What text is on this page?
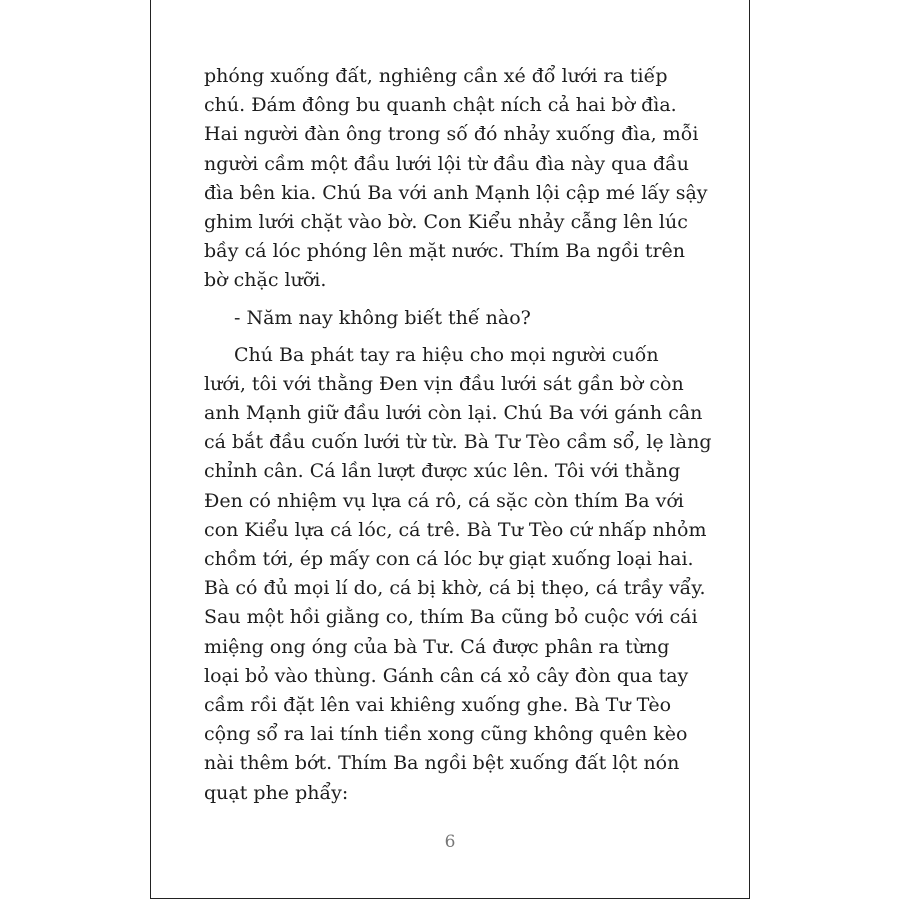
phóng xuống đất, nghiêng cần xé đổ lưới ra tiếp
chú. Đám đông bu quanh chật ních cả hai bờ đìa.
Hai người đàn ông trong số đó nhảy xuống đìa, mỗi
người cầm một đầu lưới lội từ đầu đìa này qua đầu
đìa bên kia. Chú Ba với anh Mạnh lội cập mé lấy sậy
ghim lưới chặt vào bờ. Con Kiểu nhảy cẫng lên lúc
bầy cá lóc phóng lên mặt nước. Thím Ba ngồi trên
bờ chặc lưỡi.
- Năm nay không biết thế nào?
Chú Ba phát tay ra hiệu cho mọi người cuốn
lưới, tôi với thằng Đen vịn đầu lưới sát gần bờ còn
anh Mạnh giữ đầu lưới còn lại. Chú Ba với gánh cân
cá bắt đầu cuốn lưới từ từ. Bà Tư Tèo cầm sổ, lẹ làng
chỉnh cân. Cá lần lượt được xúc lên. Tôi với thằng
Đen có nhiệm vụ lựa cá rô, cá sặc còn thím Ba với
con Kiểu lựa cá lóc, cá trê. Bà Tư Tèo cứ nhấp nhỏm
chồm tới, ép mấy con cá lóc bự giạt xuống loại hai.
Bà có đủ mọi lí do, cá bị khờ, cá bị thẹo, cá trầy vẩy.
Sau một hồi giằng co, thím Ba cũng bỏ cuộc với cái
miệng ong óng của bà Tư. Cá được phân ra từng
loại bỏ vào thùng. Gánh cân cá xỏ cây đòn qua tay
cầm rồi đặt lên vai khiêng xuống ghe. Bà Tư Tèo
cộng sổ ra lai tính tiền xong cũng không quên kèo
nài thêm bớt. Thím Ba ngồi bệt xuống đất lột nón
quạt phe phẩy:
6
